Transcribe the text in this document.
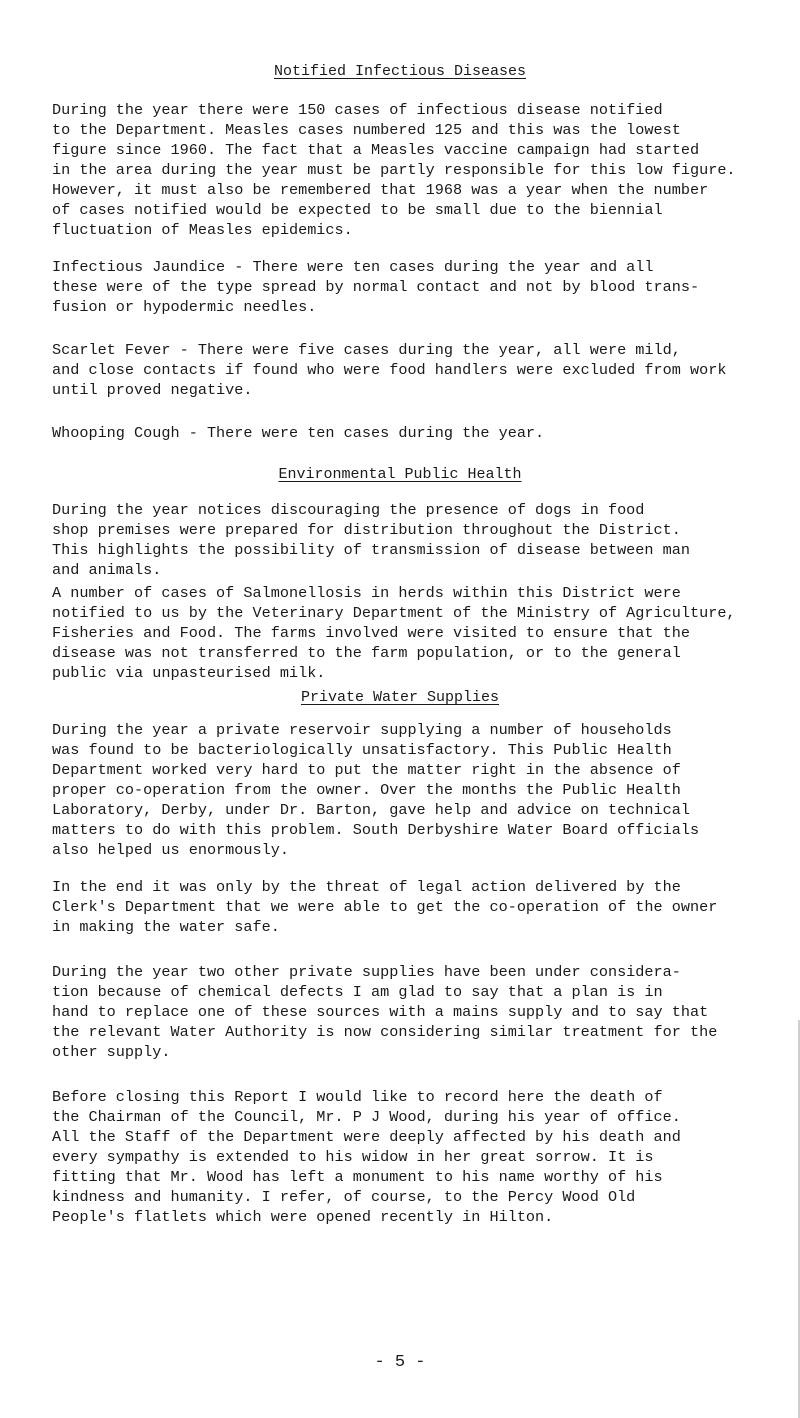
Notified Infectious Diseases

During the year there were 150 cases of infectious disease notified
to the Department. Measles cases numbered 125 and this was the lowest
figure since 1960. The fact that a Measles vaccine campaign had started
in the area during the year must be partly responsible for this low figure.
However, it must also be remembered that 1968 was a year when the number
of cases notified would be expected to be small due to the biennial
fluctuation of Measles epidemics.

Infectious Jaundice - There were ten cases during the year and all
these were of the type spread by normal contact and not by blood trans-
fusion or hypodermic needles.

Scarlet Fever - There were five cases during the year, all were mild,
and close contacts if found who were food handlers were excluded from work
until proved negative.

Whooping Cough - There were ten cases during the year.

Environmental Public Health

During the year notices discouraging the presence of dogs in food
shop premises were prepared for distribution throughout the District.
This highlights the possibility of transmission of disease between man
and animals.

A number of cases of Salmonellosis in herds within this District were
notified to us by the Veterinary Department of the Ministry of Agriculture,
Fisheries and Food. The farms involved were visited to ensure that the
disease was not transferred to the farm population, or to the general
public via unpasteurised milk.

Private Water Supplies

During the year a private reservoir supplying a number of households
was found to be bacteriologically unsatisfactory. This Public Health
Department worked very hard to put the matter right in the absence of
proper co-operation from the owner. Over the months the Public Health
Laboratory, Derby, under Dr. Barton, gave help and advice on technical
matters to do with this problem. South Derbyshire Water Board officials
also helped us enormously.

In the end it was only by the threat of legal action delivered by the
Clerk's Department that we were able to get the co-operation of the owner
in making the water safe.

During the year two other private supplies have been under considera-
tion because of chemical defects I am glad to say that a plan is in
hand to replace one of these sources with a mains supply and to say that
the relevant Water Authority is now considering similar treatment for the
other supply.

Before closing this Report I would like to record here the death of
the Chairman of the Council, Mr. P J Wood, during his year of office.
All the Staff of the Department were deeply affected by his death and
every sympathy is extended to his widow in her great sorrow. It is
fitting that Mr. Wood has left a monument to his name worthy of his
kindness and humanity. I refer, of course, to the Percy Wood Old
People's flatlets which were opened recently in Hilton.

- 5 -
